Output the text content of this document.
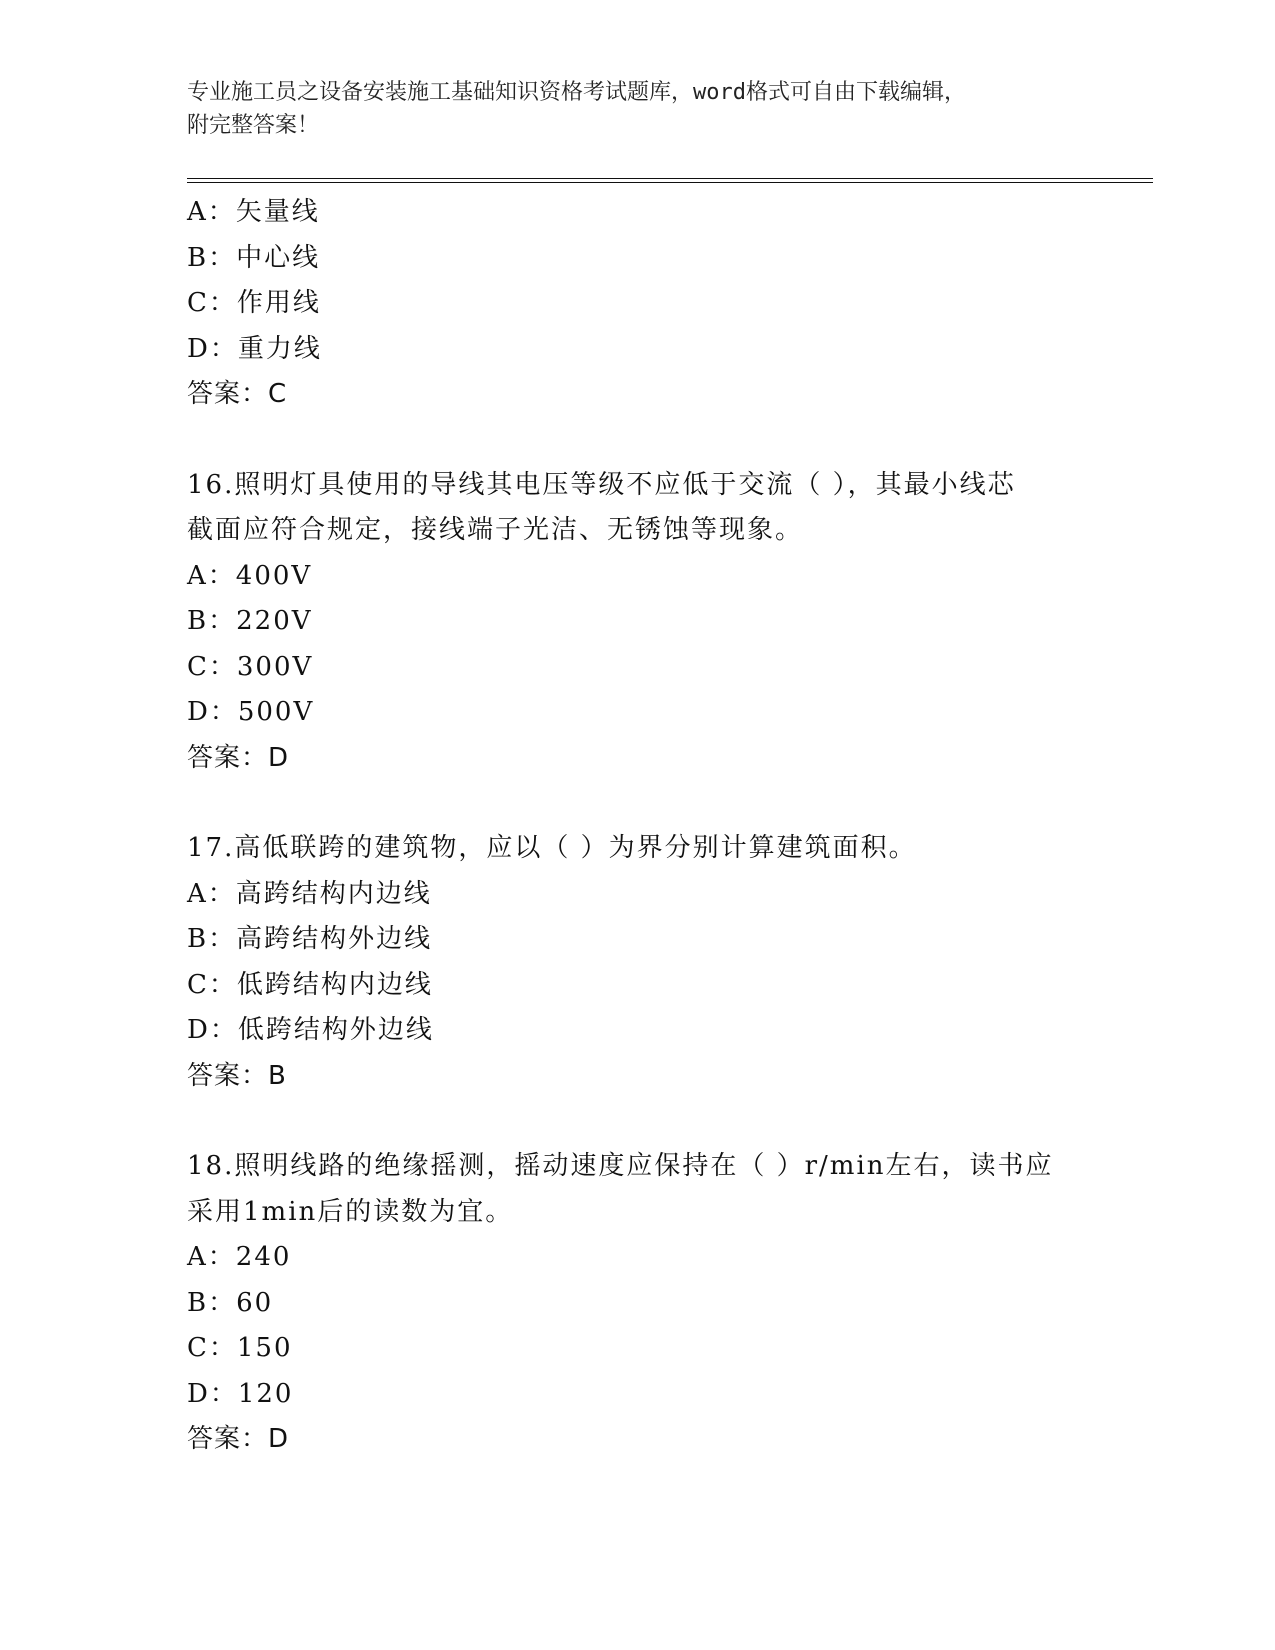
专业施工员之设备安装施工基础知识资格考试题库，word格式可自由下载编辑，
附完整答案！
A：矢量线
B：中心线
C：作用线
D：重力线
答案：C
16.照明灯具使用的导线其电压等级不应低于交流（ ），其最小线芯
截面应符合规定，接线端子光洁、无锈蚀等现象。
A：400V
B：220V
C：300V
D：500V
答案：D
17.高低联跨的建筑物，应以（ ）为界分别计算建筑面积。
A：高跨结构内边线
B：高跨结构外边线
C：低跨结构内边线
D：低跨结构外边线
答案：B
18.照明线路的绝缘摇测，摇动速度应保持在（ ）r/min左右，读书应
采用1min后的读数为宜。
A：240
B：60
C：150
D：120
答案：D
